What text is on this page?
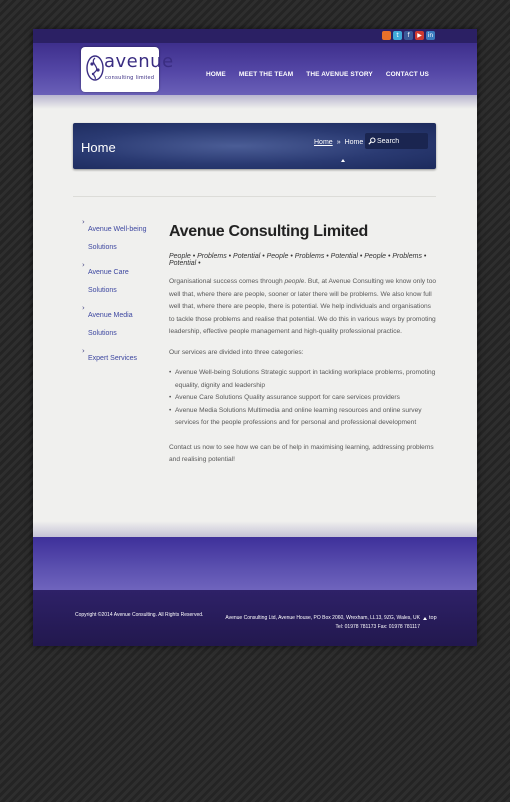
t	f	▶ in
HOME MEET THE TEAM THE AVENUE STORY CONTACT US
avenue
consulting limited
Home	Home » Home
Search
›
Avenue Well-being Solutions
›
Avenue Care Solutions
›
Avenue Media Solutions
›
Expert Services
Avenue Consulting Limited

People • Problems • Potential • People • Problems • Potential • People • Problems • Potential •

Organisational success comes through people. But, at Avenue Consulting we know only too well that, where there are people, sooner or later there will be problems. We also know full well that, where there are people, there is potential. We help individuals and organisations to tackle those problems and realise that potential. We do this in various ways by promoting leadership, effective people management and high-quality professional practice.

Our services are divided into three categories:

• Avenue Well-being Solutions Strategic support in tackling workplace problems, promoting equality, dignity and leadership
• Avenue Care Solutions Quality assurance support for care services providers
• Avenue Media Solutions Multimedia and online learning resources and online survey services for the people professions and for personal and professional development

Contact us now to see how we can be of help in maximising learning, addressing problems and realising potential!

Copyright ©2014 Avenue Consulting. All Rights Reserved.	Avenue Consulting Ltd, Avenue House, PO Box 2060, Wrexham, LL13, 9ZG, Wales, UK
Tel: 01978 781173 Fax: 01978 781117
top
